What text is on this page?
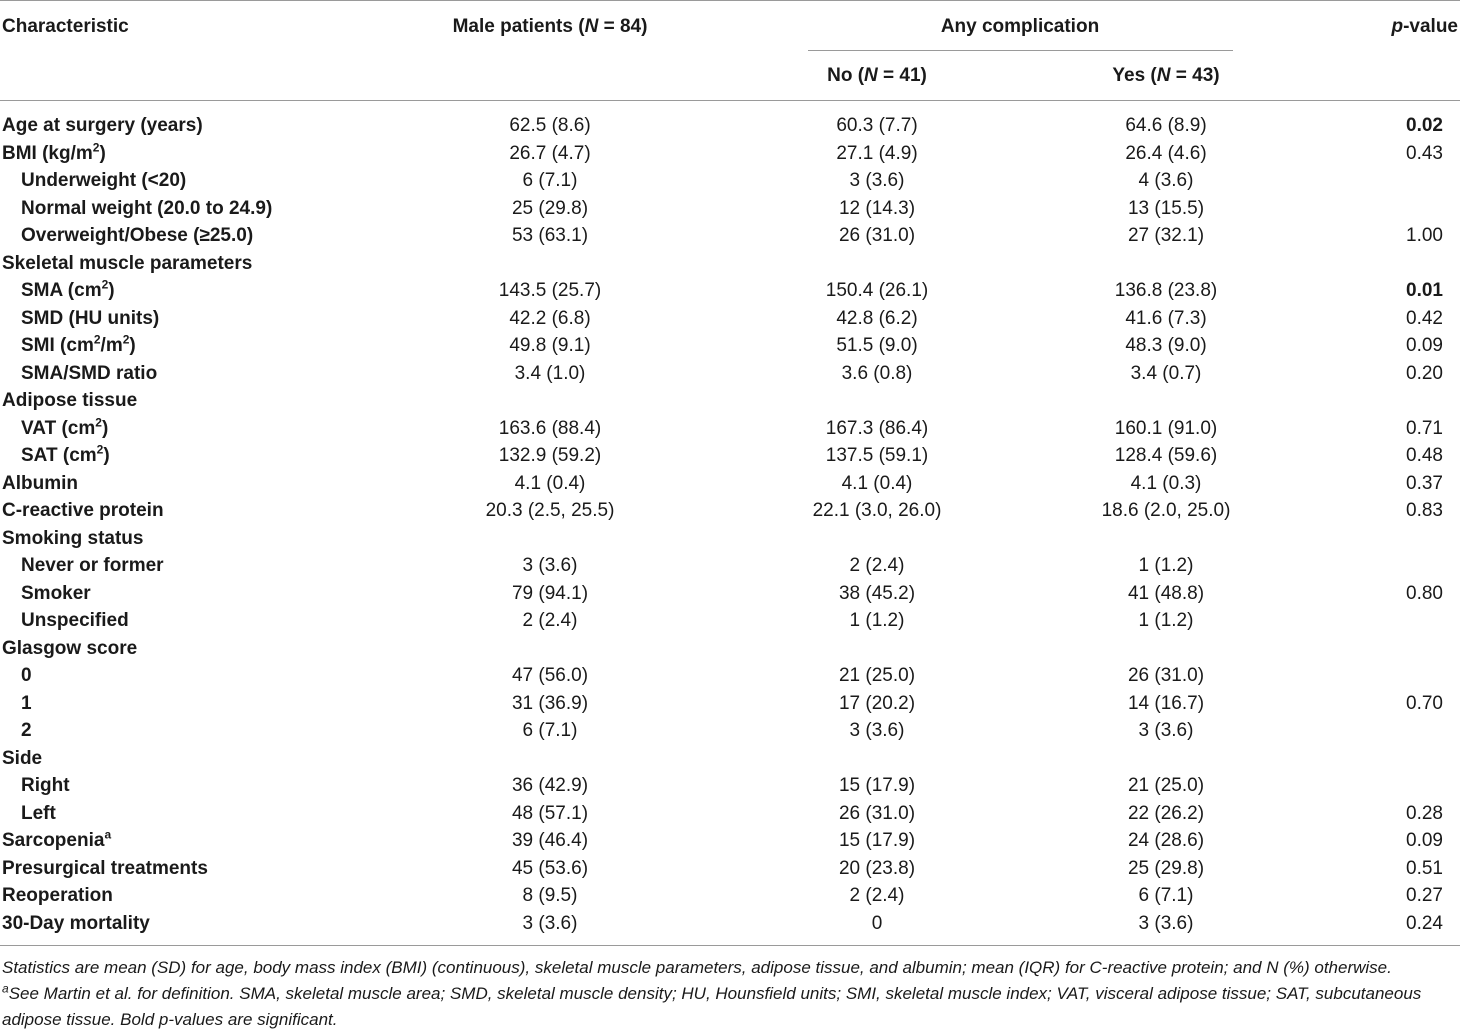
Characteristic	Male patients (N = 84)	Any complication	p-value
No (N = 41)	Yes (N = 43)
Age at surgery (years)	62.5 (8.6)	60.3 (7.7)	64.6 (8.9)	0.02
BMI $(kg/m^2)$	26.7 (4.7)	27.1 (4.9)	26.4 (4.6)	0.43
Underweight (<20)	6 (7.1)	3 (3.6)	4 (3.6)
Normal weight (20.0 to 24.9)	25 (29.8)	12 (14.3)	13 (15.5)
Overweight/Obese (≥25.0)	53 (63.1)	26 (31.0)	27 (32.1)	1.00
Skeletal muscle parameters
SMA $(cm^2)$	143.5 (25.7)	150.4 (26.1)	136.8 (23.8)	0.01
SMD (HU units)	42.2 (6.8)	42.8 (6.2)	41.6 (7.3)	0.42
SMI $(cm^2/m^2)$	49.8 (9.1)	51.5 (9.0)	48.3 (9.0)	0.09
SMA/SMD ratio	3.4 (1.0)	3.6 (0.8)	3.4 (0.7)	0.20
Adipose tissue
VAT $(cm^2)$	163.6 (88.4)	167.3 (86.4)	160.1 (91.0)	0.71
SAT $(cm^2)$	132.9 (59.2)	137.5 (59.1)	128.4 (59.6)	0.48
Albumin	4.1 (0.4)	4.1 (0.4)	4.1 (0.3)	0.37
C-reactive protein	20.3 (2.5, 25.5)	22.1 (3.0, 26.0)	18.6 (2.0, 25.0)	0.83
Smoking status
Never or former	3 (3.6)	2 (2.4)	1 (1.2)
Smoker	79 (94.1)	38 (45.2)	41 (48.8)	0.80
Unspecified	2 (2.4)	1 (1.2)	1 (1.2)
Glasgow score
0	47 (56.0)	21 (25.0)	26 (31.0)
1	31 (36.9)	17 (20.2)	14 (16.7)	0.70
2	6 (7.1)	3 (3.6)	3 (3.6)
Side
Right	36 (42.9)	15 (17.9)	21 (25.0)
Left	48 (57.1)	26 (31.0)	22 (26.2)	0.28
Sarcopenia$^a$	39 (46.4)	15 (17.9)	24 (28.6)	0.09
Presurgical treatments	45 (53.6)	20 (23.8)	25 (29.8)	0.51
Reoperation	8 (9.5)	2 (2.4)	6 (7.1)	0.27
30-Day mortality	3 (3.6)	0	3 (3.6)	0.24

Statistics are mean (SD) for age, body mass index (BMI) (continuous), skeletal muscle parameters, adipose tissue, and albumin; mean (IQR) for C-reactive protein; and N (%) otherwise.

$^a$See Martin et al. for definition. SMA, skeletal muscle area; SMD, skeletal muscle density; HU, Hounsfield units; SMI, skeletal muscle index; VAT, visceral adipose tissue; SAT, subcutaneous adipose tissue. Bold p-values are significant.
